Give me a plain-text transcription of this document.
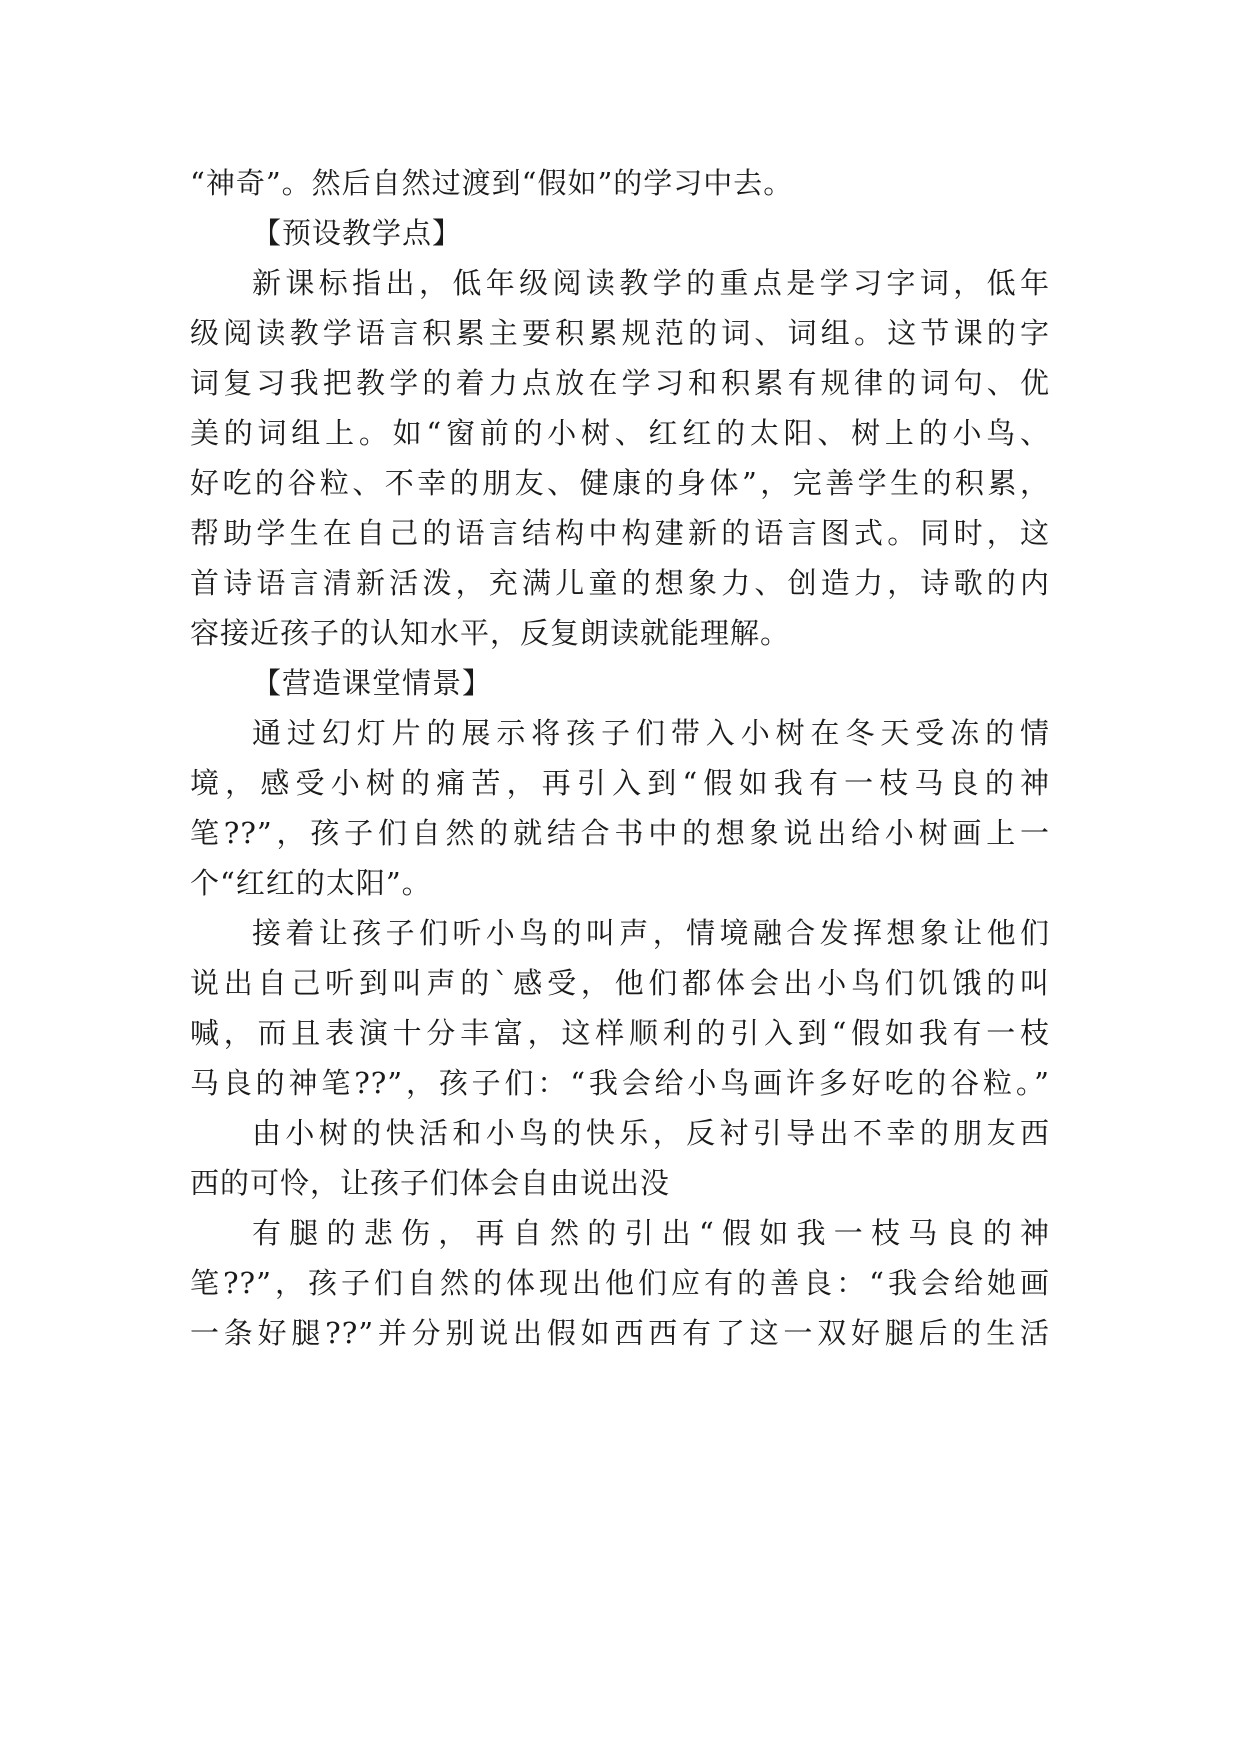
“神奇”。然后自然过渡到“假如”的学习中去。
【预设教学点】
新课标指出，低年级阅读教学的重点是学习字词，低年
级阅读教学语言积累主要积累规范的词、词组。这节课的字
词复习我把教学的着力点放在学习和积累有规律的词句、优
美的词组上。如“窗前的小树、红红的太阳、树上的小鸟、
好吃的谷粒、不幸的朋友、健康的身体”，完善学生的积累，
帮助学生在自己的语言结构中构建新的语言图式。同时，这
首诗语言清新活泼，充满儿童的想象力、创造力，诗歌的内
容接近孩子的认知水平，反复朗读就能理解。
【营造课堂情景】
通过幻灯片的展示将孩子们带入小树在冬天受冻的情
境，感受小树的痛苦，再引入到“假如我有一枝马良的神
笔??”，孩子们自然的就结合书中的想象说出给小树画上一
个“红红的太阳”。
接着让孩子们听小鸟的叫声，情境融合发挥想象让他们
说出自己听到叫声的`感受，他们都体会出小鸟们饥饿的叫
喊，而且表演十分丰富，这样顺利的引入到“假如我有一枝
马良的神笔??”，孩子们：“我会给小鸟画许多好吃的谷粒。”
由小树的快活和小鸟的快乐，反衬引导出不幸的朋友西
西的可怜，让孩子们体会自由说出没
有腿的悲伤，再自然的引出“假如我一枝马良的神
笔??”，孩子们自然的体现出他们应有的善良：“我会给她画
一条好腿??”并分别说出假如西西有了这一双好腿后的生活
